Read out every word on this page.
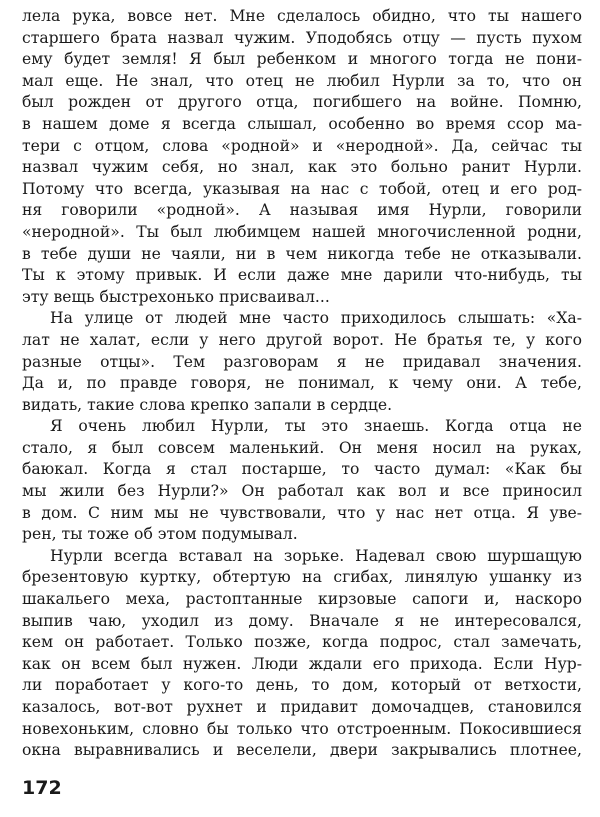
лела рука, вовсе нет. Мне сделалось обидно, что ты нашего
старшего брата назвал чужим. Уподобясь отцу — пусть пухом
ему будет земля! Я был ребенком и многого тогда не пони-
мал еще. Не знал, что отец не любил Нурли за то, что он
был рожден от другого отца, погибшего на войне. Помню,
в нашем доме я всегда слышал, особенно во время ссор ма-
тери с отцом, слова «родной» и «неродной». Да, сейчас ты
назвал чужим себя, но знал, как это больно ранит Нурли.
Потому что всегда, указывая на нас с тобой, отец и его род-
ня говорили «родной». А называя имя Нурли, говорили
«неродной». Ты был любимцем нашей многочисленной родни,
в тебе души не чаяли, ни в чем никогда тебе не отказывали.
Ты к этому привык. И если даже мне дарили что-нибудь, ты
эту вещь быстрехонько присваивал...
На улице от людей мне часто приходилось слышать: «Ха-
лат не халат, если у него другой ворот. Не братья те, у кого
разные отцы». Тем разговорам я не придавал значения.
Да и, по правде говоря, не понимал, к чему они. А тебе,
видать, такие слова крепко запали в сердце.
Я очень любил Нурли, ты это знаешь. Когда отца не
стало, я был совсем маленький. Он меня носил на руках,
баюкал. Когда я стал постарше, то часто думал: «Как бы
мы жили без Нурли?» Он работал как вол и все приносил
в дом. С ним мы не чувствовали, что у нас нет отца. Я уве-
рен, ты тоже об этом подумывал.
Нурли всегда вставал на зорьке. Надевал свою шуршащую
брезентовую куртку, обтертую на сгибах, линялую ушанку из
шакальего меха, растоптанные кирзовые сапоги и, наскоро
выпив чаю, уходил из дому. Вначале я не интересовался,
кем он работает. Только позже, когда подрос, стал замечать,
как он всем был нужен. Люди ждали его прихода. Если Нур-
ли поработает у кого-то день, то дом, который от ветхости,
казалось, вот-вот рухнет и придавит домочадцев, становился
новехоньким, словно бы только что отстроенным. Покосившиеся
окна выравнивались и веселели, двери закрывались плотнее,
172
